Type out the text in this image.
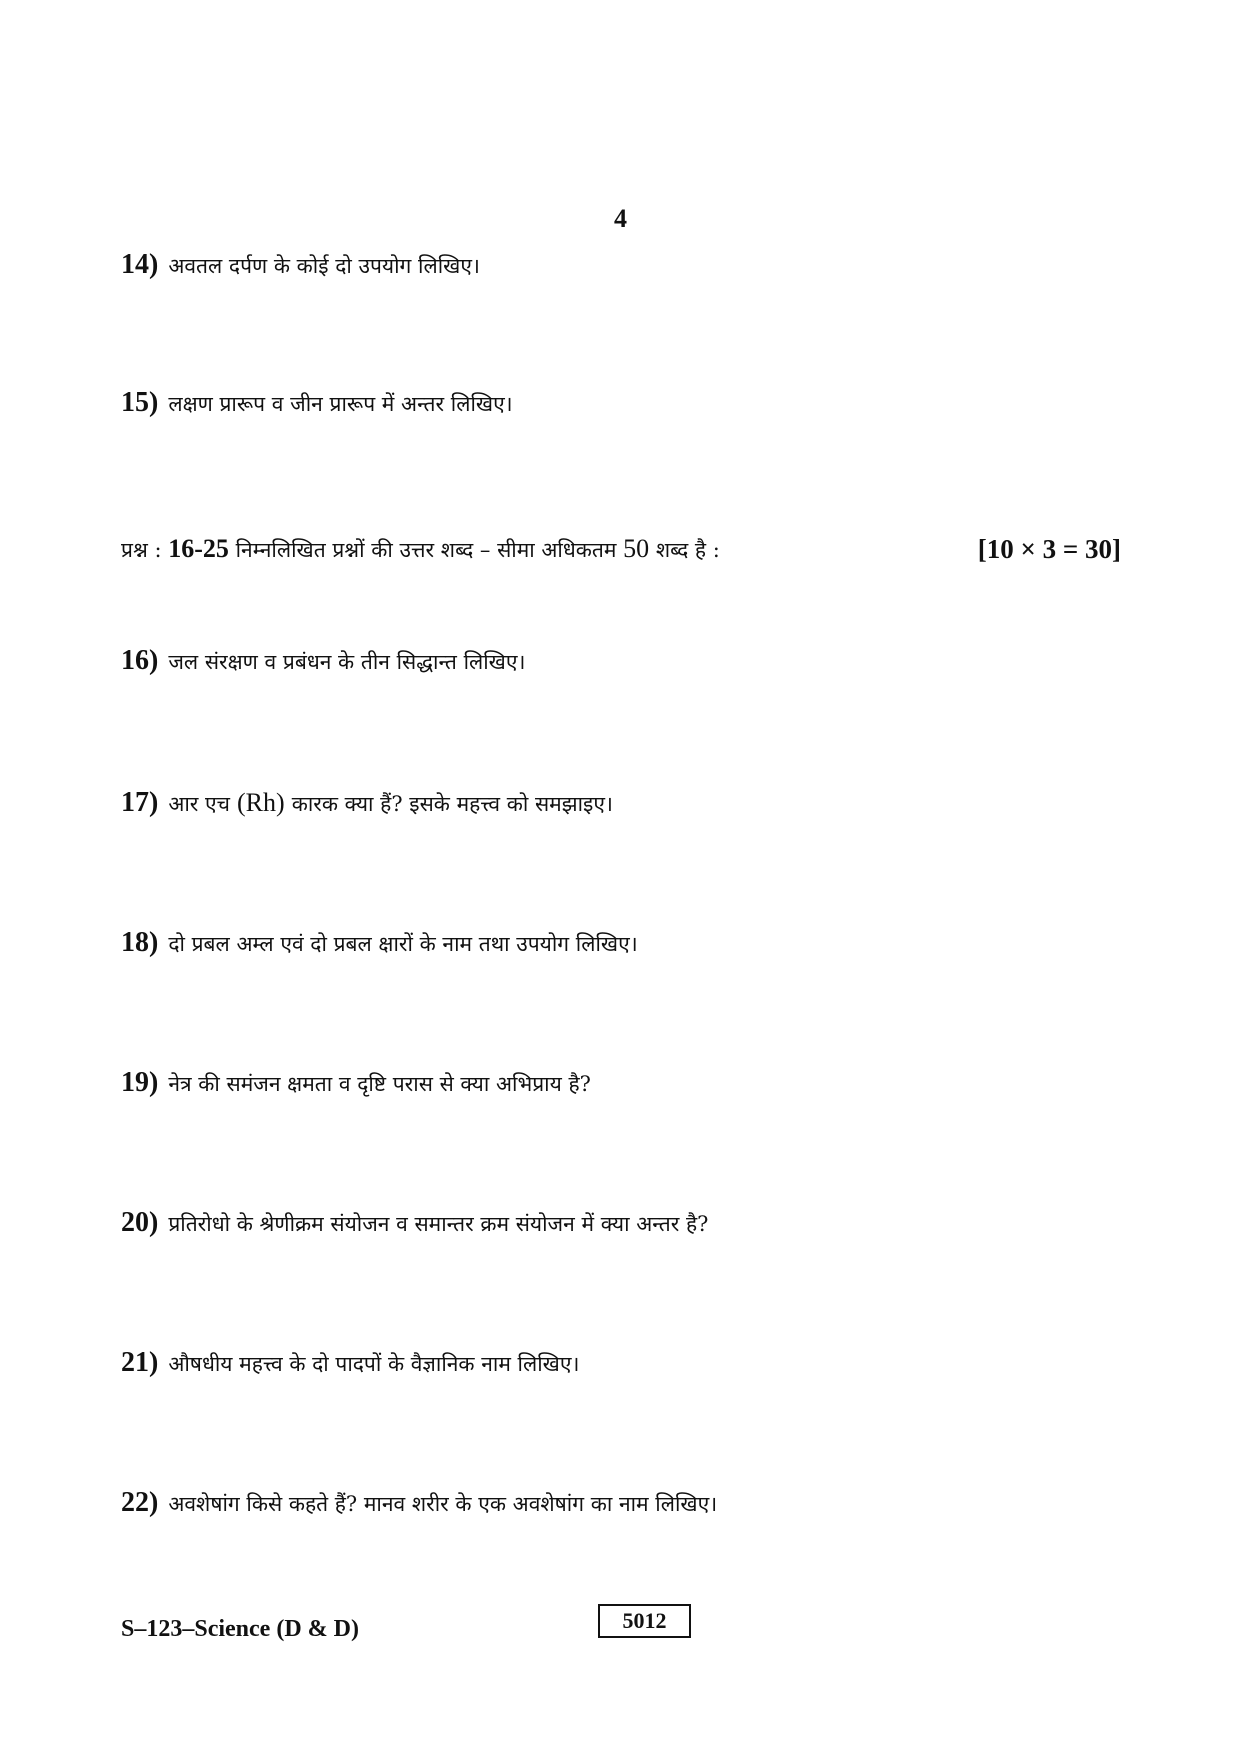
4
14) अवतल दर्पण के कोई दो उपयोग लिखिए।
15) लक्षण प्रारूप व जीन प्रारूप में अन्तर लिखिए।
प्रश्न : 16-25 निम्नलिखित प्रश्नों की उत्तर शब्द – सीमा अधिकतम 50 शब्द है :	[10 × 3 = 30]
16) जल संरक्षण व प्रबंधन के तीन सिद्धान्त लिखिए।
17) आर एच (Rh) कारक क्या हैं? इसके महत्त्व को समझाइए।
18) दो प्रबल अम्ल एवं दो प्रबल क्षारों के नाम तथा उपयोग लिखिए।
19) नेत्र की समंजन क्षमता व दृष्टि परास से क्या अभिप्राय है?
20) प्रतिरोधो के श्रेणीक्रम संयोजन व समान्तर क्रम संयोजन में क्या अन्तर है?
21) औषधीय महत्त्व के दो पादपों के वैज्ञानिक नाम लिखिए।
22) अवशेषांग किसे कहते हैं? मानव शरीर के एक अवशेषांग का नाम लिखिए।
S–123–Science (D & D)	5012
